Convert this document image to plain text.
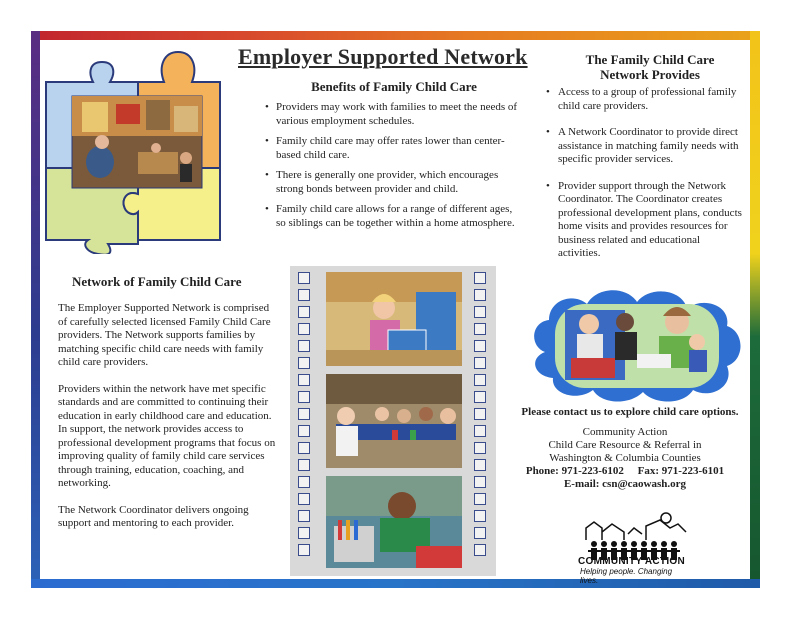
Employer Supported Network
Benefits of Family Child Care
• Providers may work with families to meet the needs of various employment schedules.
• Family child care may offer rates lower than center-based child care.
• There is generally one provider, which encourages strong bonds between provider and child.
• Family child care allows for a range of different ages, so siblings can be together within a home atmosphere.
The Family Child Care Network Provides
• Access to a group of professional family child care providers.
• A Network Coordinator to provide direct assistance in matching family needs with specific provider services.
• Provider support through the Network Coordinator. The Coordinator creates professional development plans, conducts home visits and provides resources for business related and educational activities.
Network of Family Child Care

The Employer Supported Network is comprised of carefully selected licensed Family Child Care providers. The Network supports families by matching specific child care needs with family child care providers.

Providers within the network have met specific standards and are committed to continuing their education in early childhood care and education. In support, the network provides access to professional development programs that focus on improving quality of family child care services through training, education, coaching, and networking.

The Network Coordinator delivers ongoing support and mentoring to each provider.

Please contact us to explore child care options.
Community Action
Child Care Resource & Referral in
Washington & Columbia Counties
Phone: 971-223-6102 Fax: 971-223-6101
E-mail: csn@caowash.org
COMMUNITY ACTION
Helping people. Changing lives.
